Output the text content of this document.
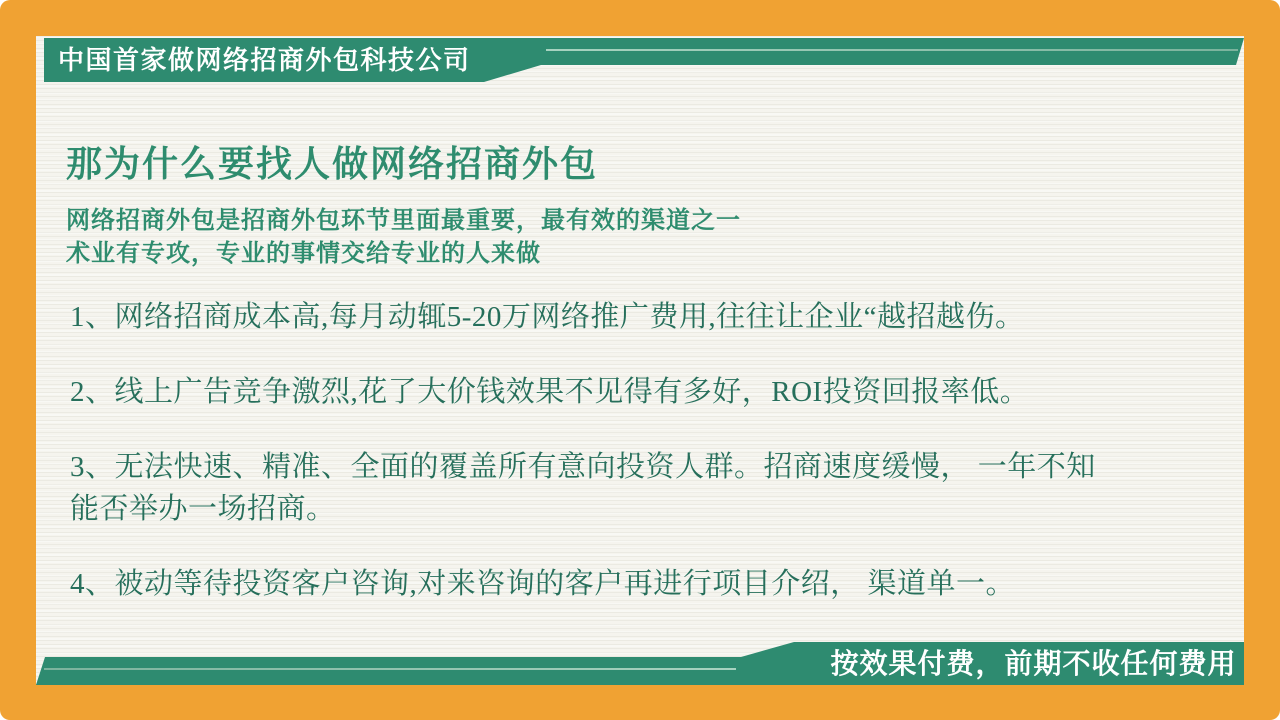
中国首家做网络招商外包科技公司
那为什么要找人做网络招商外包
网络招商外包是招商外包环节里面最重要，最有效的渠道之一
术业有专攻，专业的事情交给专业的人来做

1、网络招商成本高,每月动辄5-20万网络推广费用,往往让企业“越招越伤。

2、线上广告竞争激烈,花了大价钱效果不见得有多好，ROI投资回报率低。

3、无法快速、精准、全面的覆盖所有意向投资人群。招商速度缓慢， 一年不知
能否举办一场招商。

4、被动等待投资客户咨询,对来咨询的客户再进行项目介绍， 渠道单一。

按效果付费，前期不收任何费用
